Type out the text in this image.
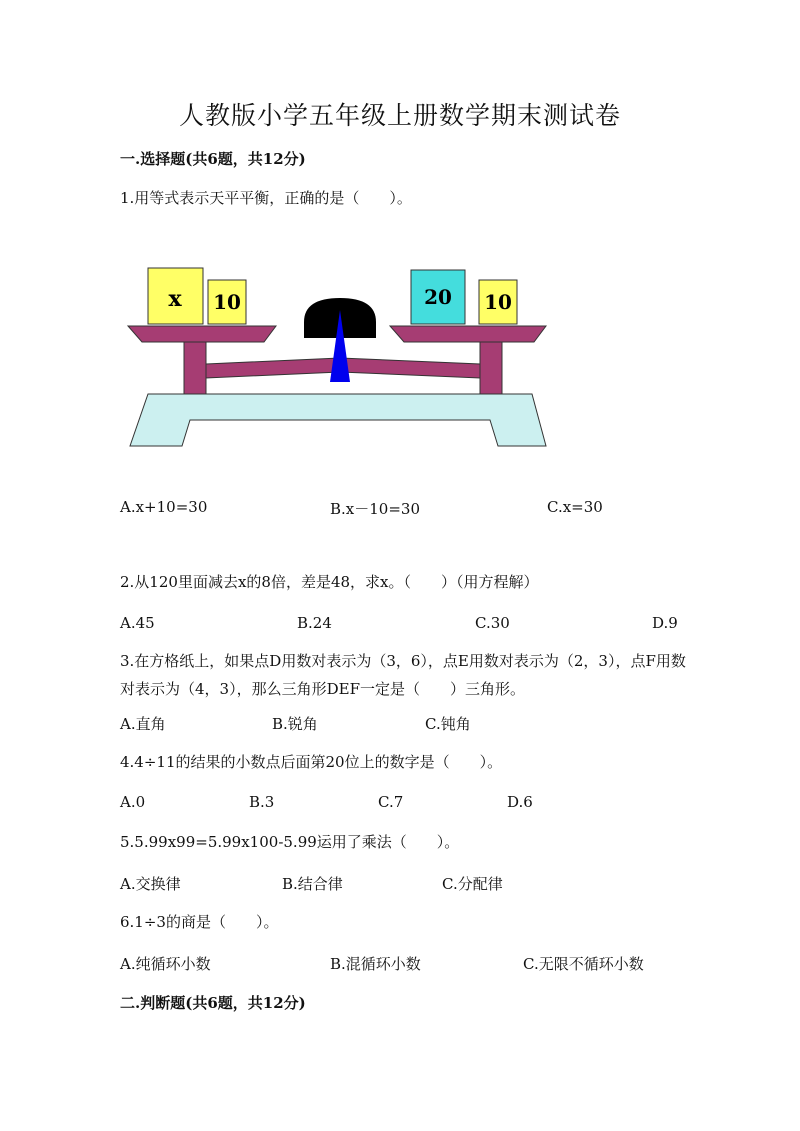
人教版小学五年级上册数学期末测试卷
一.选择题(共6题，共12分)
1.用等式表示天平平衡，正确的是（　　）。
x 10	20 10
A.x+10=30	B.x－10=30	C.x=30
2.从120里面减去x的8倍，差是48，求x。（　　）（用方程解）
A.45	B.24	C.30	D.9
3.在方格纸上，如果点D用数对表示为（3，6），点E用数对表示为（2，3），点F用数对表示为（4，3），那么三角形DEF一定是（　　）三角形。
A.直角	B.锐角	C.钝角
4.4÷11的结果的小数点后面第20位上的数字是（　　）。
A.0	B.3	C.7	D.6
5.5.99x99=5.99x100-5.99运用了乘法（　　）。
A.交换律	B.结合律	C.分配律
6.1÷3的商是（　　）。
A.纯循环小数	B.混循环小数	C.无限不循环小数
二.判断题(共6题，共12分)
